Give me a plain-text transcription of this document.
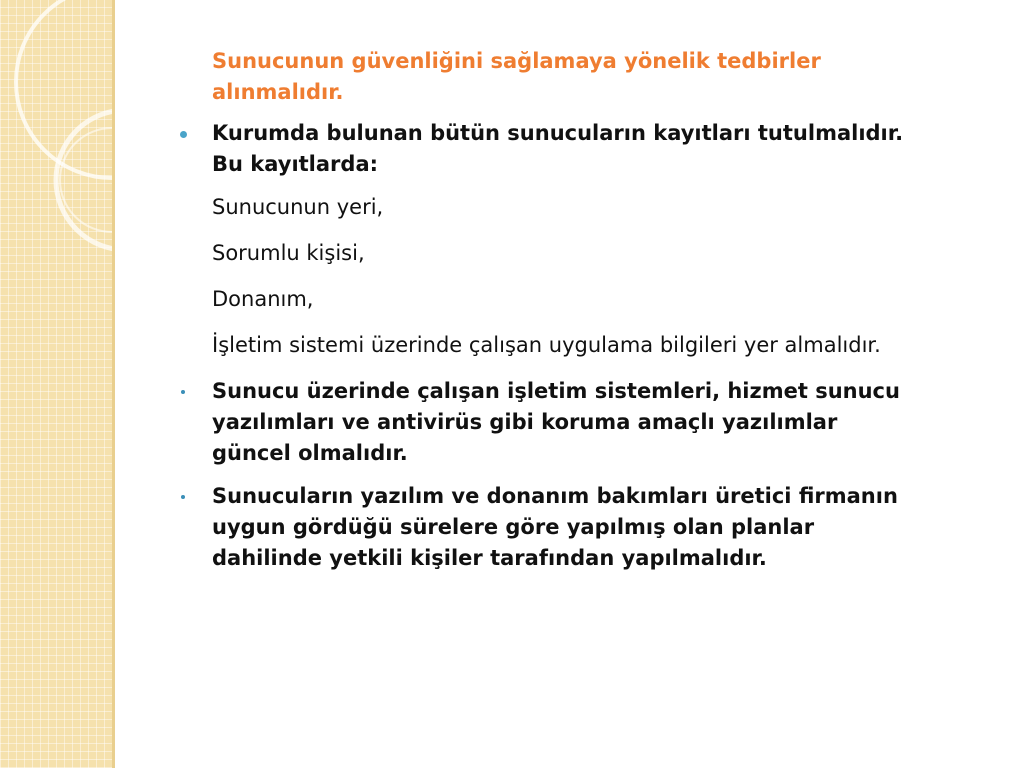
Sunucunun güvenliğini sağlamaya yönelik tedbirler
alınmalıdır.
Kurumda bulunan bütün sunucuların kayıtları tutulmalıdır.
Bu kayıtlarda:
Sunucunun yeri,
Sorumlu kişisi,
Donanım,
İşletim sistemi üzerinde çalışan uygulama bilgileri yer almalıdır.
Sunucu üzerinde çalışan işletim sistemleri, hizmet sunucu
yazılımları ve antivirüs gibi koruma amaçlı yazılımlar
güncel olmalıdır.
Sunucuların yazılım ve donanım bakımları üretici firmanın
uygun gördüğü sürelere göre yapılmış olan planlar
dahilinde yetkili kişiler tarafından yapılmalıdır.
